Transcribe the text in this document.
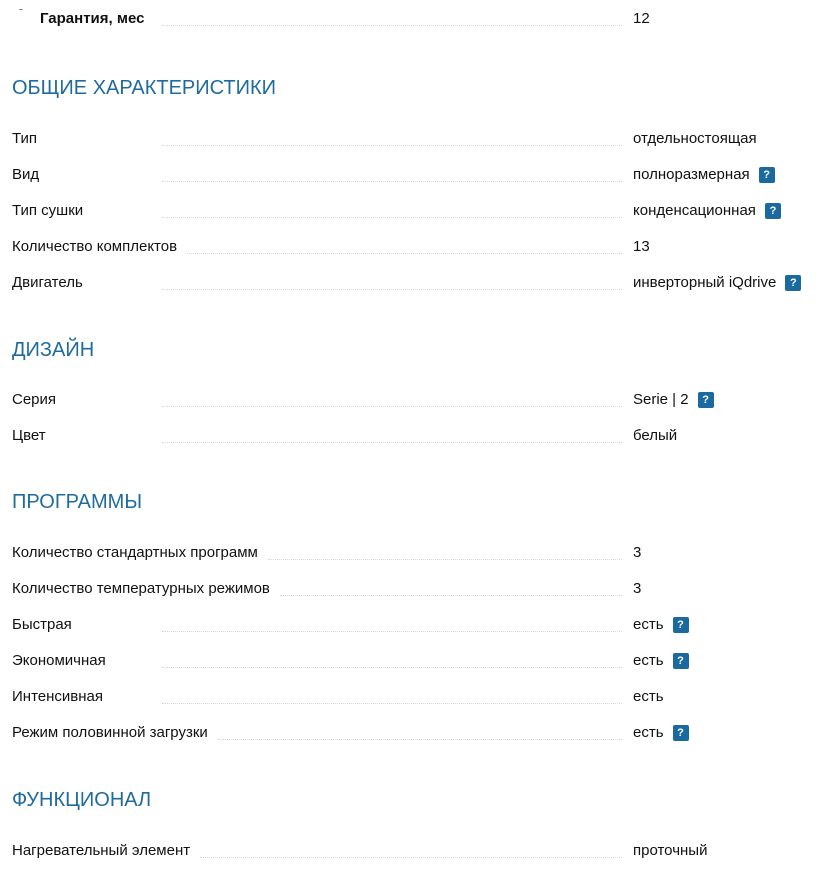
Гарантия, мес	12
ОБЩИЕ ХАРАКТЕРИСТИКИ
Тип	отдельностоящая
Вид	полноразмерная	?
Тип сушки	конденсационная	?
Количество комплектов	13
Двигатель	инверторный iQdrive	?
ДИЗАЙН
Серия	Serie | 2	?
Цвет	белый
ПРОГРАММЫ
Количество стандартных программ	3
Количество температурных режимов	3
Быстрая	есть	?
Экономичная	есть	?
Интенсивная	есть
Режим половинной загрузки	есть	?
ФУНКЦИОНАЛ
Нагревательный элемент	проточный
